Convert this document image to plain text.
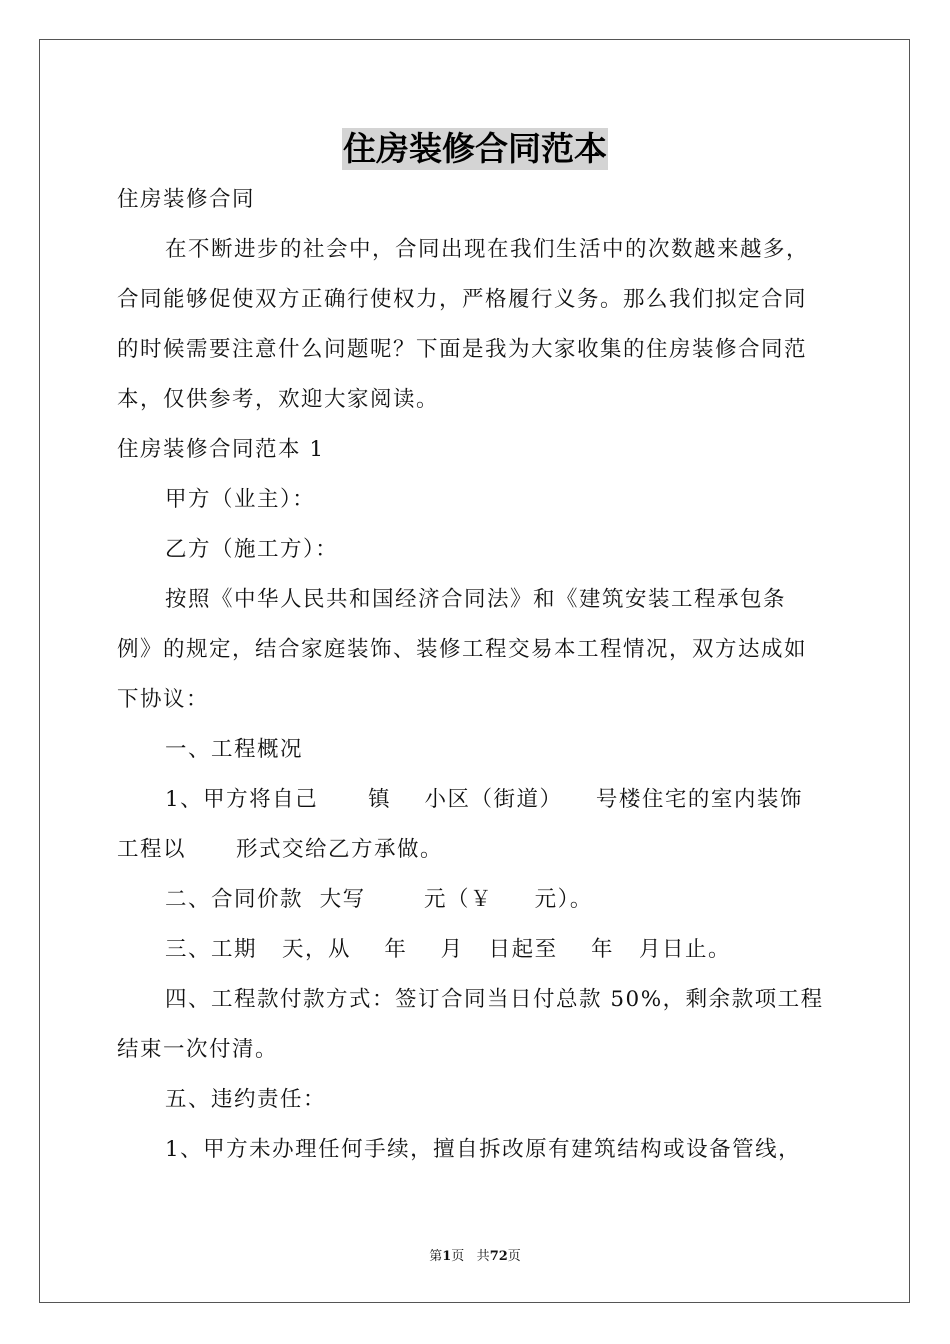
住房装修合同范本
住房装修合同
在不断进步的社会中，合同出现在我们生活中的次数越来越多，
合同能够促使双方正确行使权力，严格履行义务。那么我们拟定合同
的时候需要注意什么问题呢？下面是我为大家收集的住房装修合同范
本，仅供参考，欢迎大家阅读。
住房装修合同范本 1
甲方（业主）：
乙方（施工方）：
按照《中华人民共和国经济合同法》和《建筑安装工程承包条
例》的规定，结合家庭装饰、装修工程交易本工程情况，双方达成如
下协议：
一、工程概况
1、甲方将自己      镇    小区（街道）    号楼住宅的室内装饰
工程以      形式交给乙方承做。
二、合同价款  大写       元（￥     元）。
三、工期   天，从    年    月   日起至    年   月日止。
四、工程款付款方式：签订合同当日付总款 50%，剩余款项工程
结束一次付清。
五、违约责任：
1、甲方未办理任何手续，擅自拆改原有建筑结构或设备管线，
第1页 共72页
